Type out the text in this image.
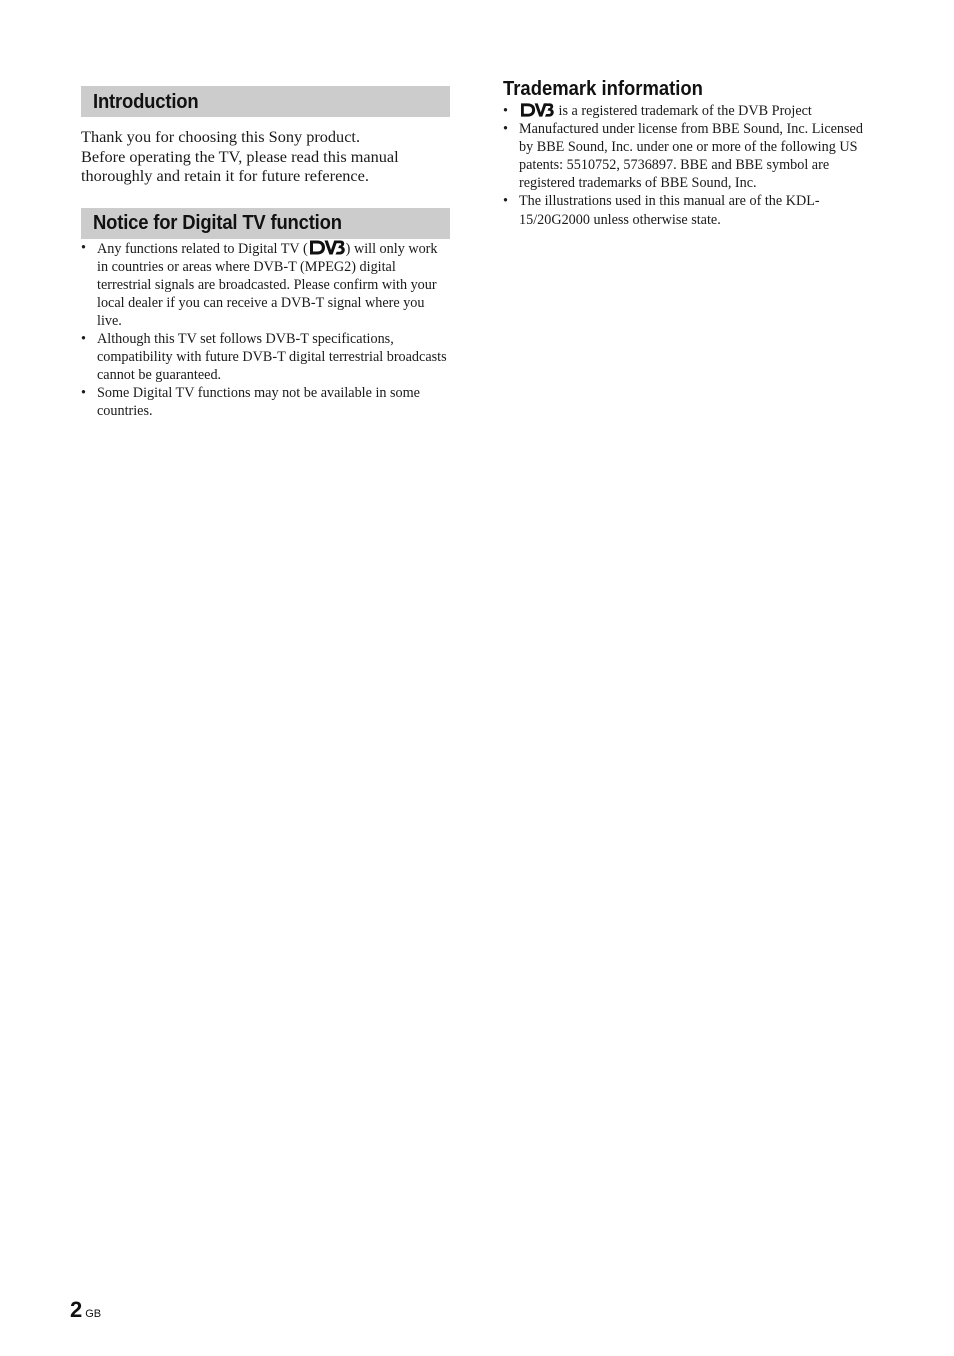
Introduction
Thank you for choosing this Sony product.
Before operating the TV, please read this manual
thoroughly and retain it for future reference.
Notice for Digital TV function
• Any functions related to Digital TV (	) will only work in countries or areas where DVB-T (MPEG2) digital terrestrial signals are broadcasted. Please confirm with your local dealer if you can receive a DVB-T signal where you live.
• Although this TV set follows DVB-T specifications, compatibility with future DVB-T digital terrestrial broadcasts cannot be guaranteed.
• Some Digital TV functions may not be available in some countries.
Trademark information
•	is a registered trademark of the DVB Project
• Manufactured under license from BBE Sound, Inc. Licensed by BBE Sound, Inc. under one or more of the following US patents: 5510752, 5736897. BBE and BBE symbol are registered trademarks of BBE Sound, Inc.
• The illustrations used in this manual are of the KDL-15/20G2000 unless otherwise state.
2 GB
